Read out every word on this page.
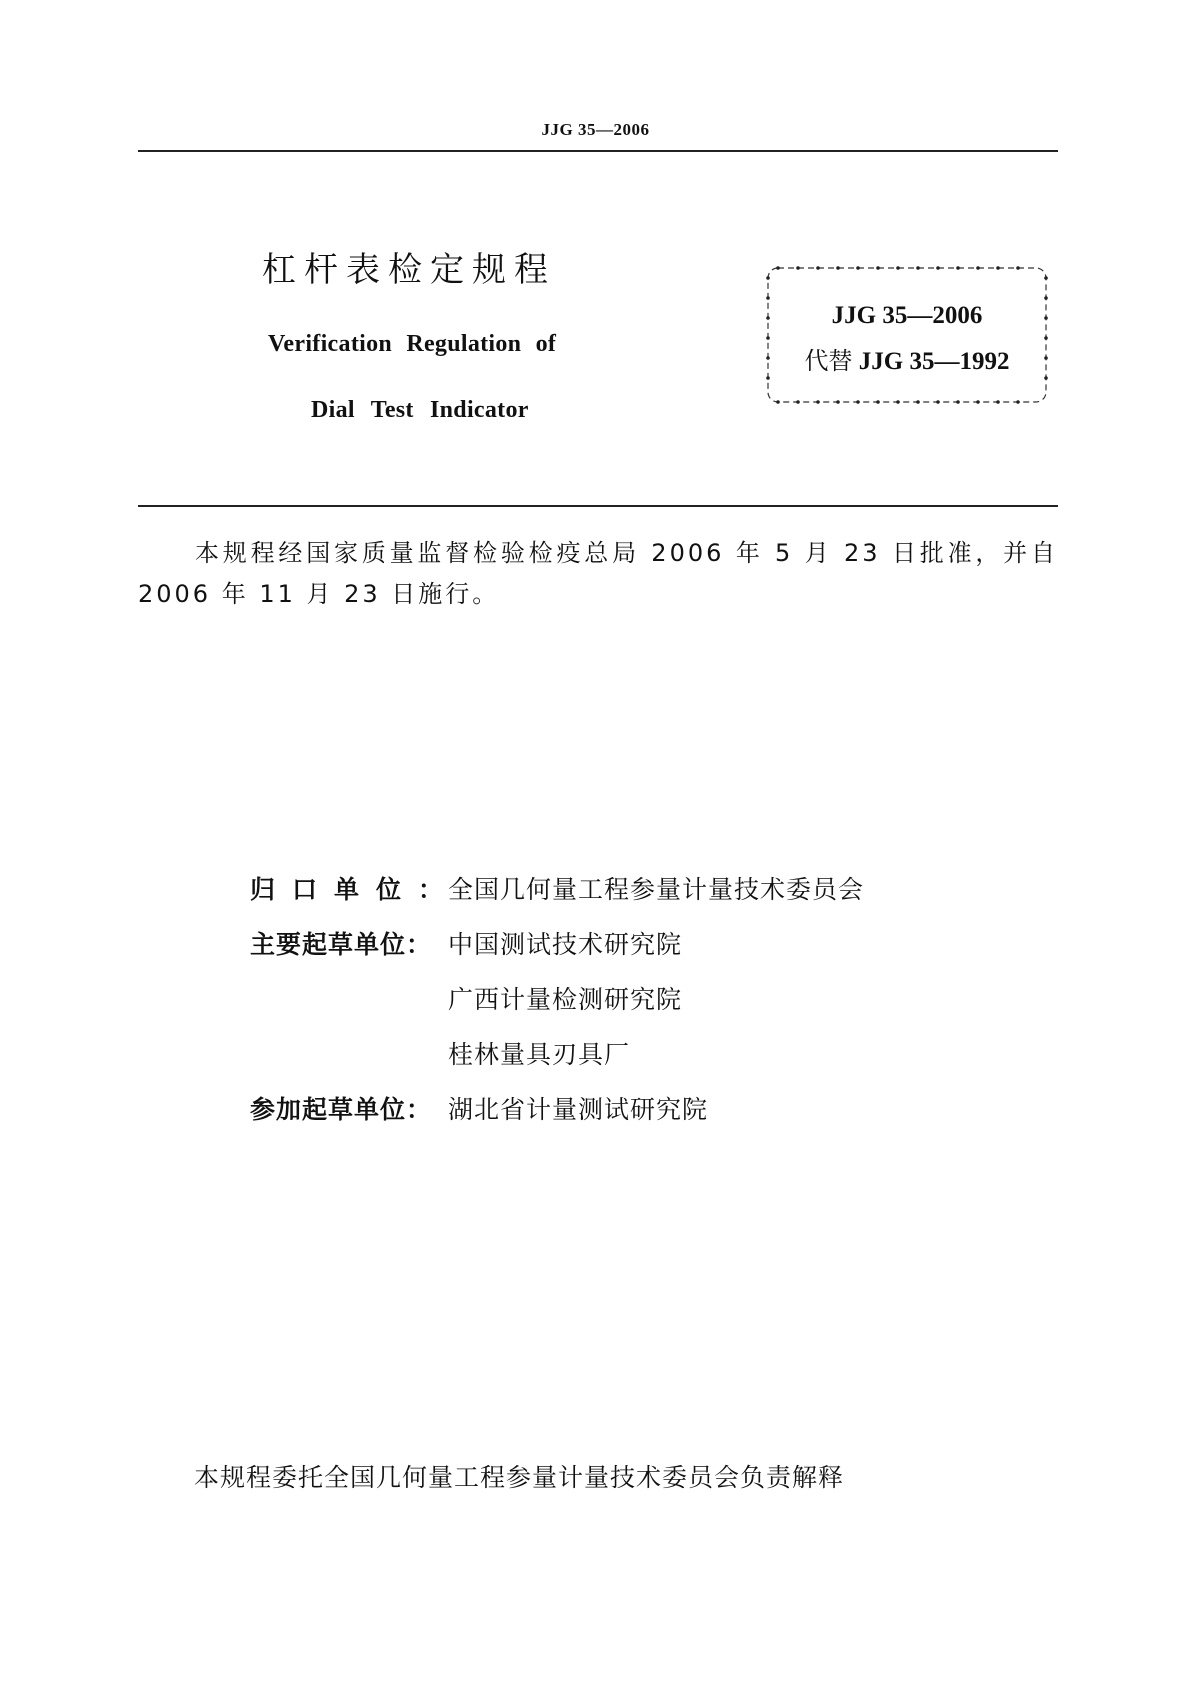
JJG 35—2006
杠杆表检定规程
Verification Regulation of
Dial Test Indicator
JJG 35—2006
代替 JJG 35—1992
本规程经国家质量监督检验检疫总局 2006 年 5 月 23 日批准，并自 2006 年 11 月 23 日施行。
归口单位：
全国几何量工程参量计量技术委员会
主要起草单位： 中国测试技术研究院
广西计量检测研究院
桂林量具刃具厂
参加起草单位： 湖北省计量测试研究院
本规程委托全国几何量工程参量计量技术委员会负责解释
